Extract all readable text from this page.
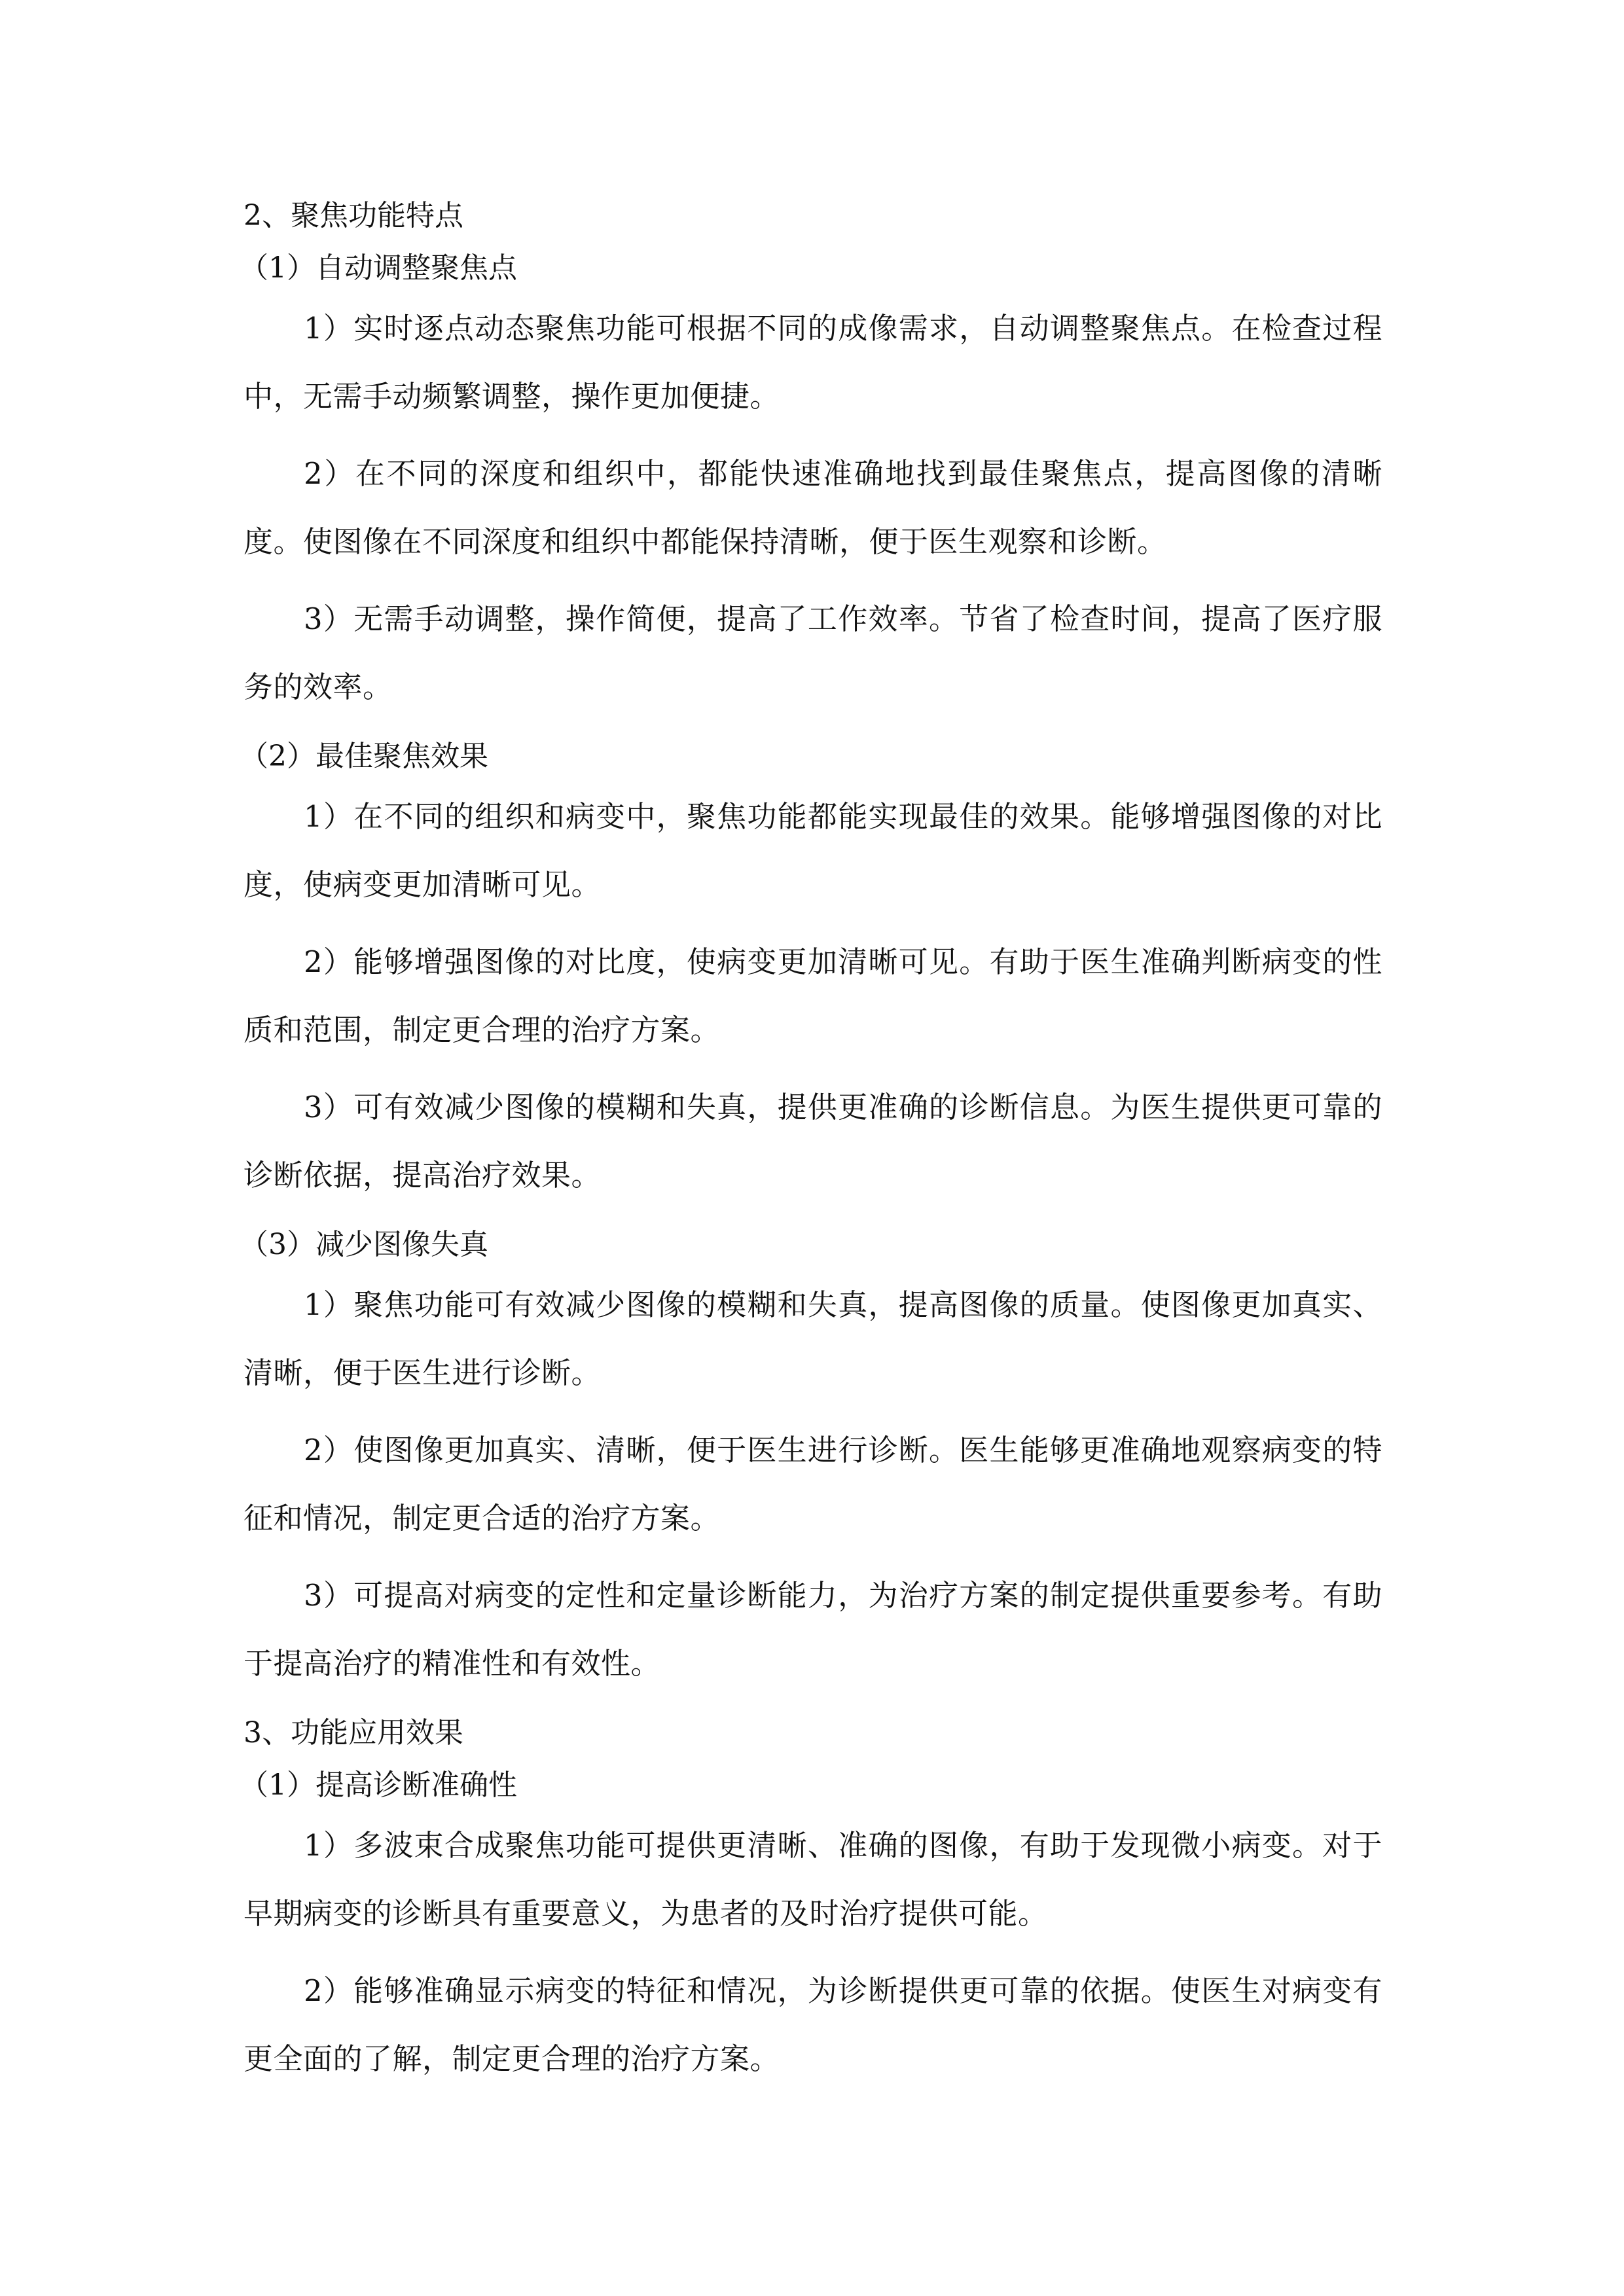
2、聚焦功能特点
（1）自动调整聚焦点

1）实时逐点动态聚焦功能可根据不同的成像需求，自动调整聚焦点。在检查过程中，无需手动频繁调整，操作更加便捷。

2）在不同的深度和组织中，都能快速准确地找到最佳聚焦点，提高图像的清晰度。使图像在不同深度和组织中都能保持清晰，便于医生观察和诊断。

3）无需手动调整，操作简便，提高了工作效率。节省了检查时间，提高了医疗服务的效率。

（2）最佳聚焦效果

1）在不同的组织和病变中，聚焦功能都能实现最佳的效果。能够增强图像的对比度，使病变更加清晰可见。

2）能够增强图像的对比度，使病变更加清晰可见。有助于医生准确判断病变的性质和范围，制定更合理的治疗方案。

3）可有效减少图像的模糊和失真，提供更准确的诊断信息。为医生提供更可靠的诊断依据，提高治疗效果。

（3）减少图像失真

1）聚焦功能可有效减少图像的模糊和失真，提高图像的质量。使图像更加真实、清晰，便于医生进行诊断。

2）使图像更加真实、清晰，便于医生进行诊断。医生能够更准确地观察病变的特征和情况，制定更合适的治疗方案。

3）可提高对病变的定性和定量诊断能力，为治疗方案的制定提供重要参考。有助于提高治疗的精准性和有效性。

3、功能应用效果
（1）提高诊断准确性

1）多波束合成聚焦功能可提供更清晰、准确的图像，有助于发现微小病变。对于早期病变的诊断具有重要意义，为患者的及时治疗提供可能。

2）能够准确显示病变的特征和情况，为诊断提供更可靠的依据。使医生对病变有更全面的了解，制定更合理的治疗方案。
